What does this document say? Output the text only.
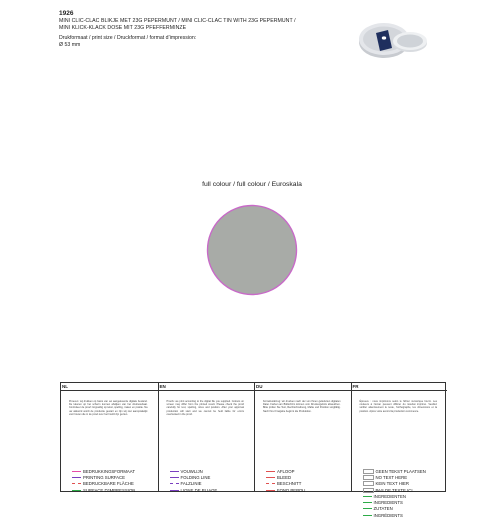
1926
MINI CLIC-CLAC BLIKJE MET 23G PEPERMUNT / MINI CLIC-CLAC TIN WITH 23G PEPERMUNT /
MINI KLICK-KLACK DOSE MIT 23G PFEFFERMINZE
Drukformaat / print size / Druckformat / format d’impression:
Ø 53 mm
full colour / full colour / Euroskala
NL
Proeven: wij drukken op basis van uw aangeleverde digitale bestand. De kleuren op het scherm kunnen afwijken van het drukresultaat. Controleer de proef zorgvuldig op tekst, spelling, maten en positie. Na uw akkoord wordt de productie gestart en zijn wij niet aansprakelijk voor fouten die in de proef over het hoofd zijn gezien.
BEDRUKKINGSFORMAAT
PRINTING SURFACE
BEDRUCKBARE FLÄCHE
SURFACE D'IMPRESSION
EN
Proofs: we print according to the digital file you supplied. Colours on screen may differ from the printed result. Please check the proof carefully for text, spelling, sizes and position. After your approval production will start and we cannot be held liable for errors overlooked in the proof.
VOUWLIJN
FOLDING LINE
FALZLINIE
LIGNE DE PLIAGE
DU
Korrekturabzug: wir drucken nach der von Ihnen gelieferten digitalen Datei. Farben am Bildschirm können vom Druckergebnis abweichen. Bitte prüfen Sie Text, Rechtschreibung, Maße und Position sorgfältig. Nach Ihrer Freigabe beginnt die Produktion.
AFLOOP
BLEED
BESCHNITT
FOND PERDU
FR
Épreuve : nous imprimons selon le fichier numérique fourni. Les couleurs à l'écran peuvent différer du résultat imprimé. Veuillez vérifier attentivement le texte, l'orthographe, les dimensions et la position. Après votre accord la production commence.
GEEN TEKST PLAATSEN
NO TEXT HERE
KEIN TEXT HIER
PAS DE TEXTE ICI
INGREDIENTEN
INGREDIENTS
ZUTATEN
INGRÉDIENTS
